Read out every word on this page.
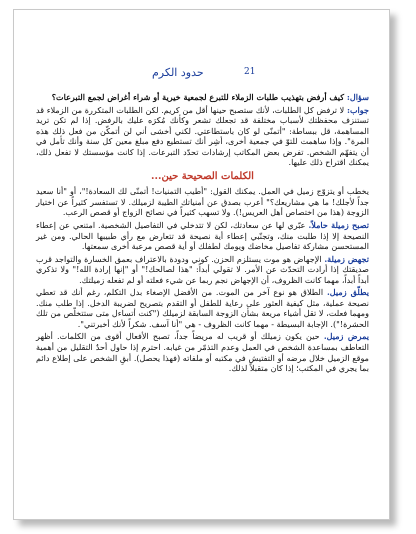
حدود الكرم	21

سؤال: كيف أرفض بتهذيب طلبات الزملاء للتبرع لجمعية خيرية أو شراء أغراض لجمع التبرعات؟

جواب: لا ترفض كل الطلبات، لأنك ستصبح حينها أقل من كريم. لكن الطلبات المتكررة من الزملاء قد تستنزف محفظتك لأسباب مختلفة قد تجعلك تشعر وكأنك مُكرَه عليك بالرفض. إذا لم تكن تريد المساهمة، قل ببساطة: "أتمنّى لو كان باستطاعتي. لكني أخشى أني لن أتمكّن من فعل ذلك هذه المرة". وإذا ساهمت للتوّ في جمعية أخرى، أشِر أنك تستطيع دفع مبلغ معين كل سنة وأنك تأمل في أن يتفهّم الشخص. تفرض بعض المكاتب إرشادات تحدّد التبرعات. إذا كانت مؤسستك لا تفعل ذلك، يمكنك اقتراح ذلك عليها.

الكلمات الصحيحة حين...

يخطب أو يتزوّج زميل في العمل. يمكنك القول: "أطيب التمنيات! أتمنّى لك السعادة!"، أو "أنا سعيد جداً لأجلك! ما هي مشاريعك؟" أعرب بصدق عن أمنياتك الطيبة لزميلك. لا تستفسر كثيراً عن اختيار الزوجة (هذا من اختصاص أهل العريس!). ولا تسهب كثيراً في نصائح الزواج أو قصص الرعب.

تصبح زميلة حاملاً. عبّري لها عن سعادتك، لكن لا تتدخلي في التفاصيل الشخصية. امتنعي عن إعطاء النصيحة إلا إذا طلبت منك، وتجنّبي إعطاء أية نصيحة قد تتعارض مع رأي طبيبها الحالي. ومن غير المستحسن مشاركة تفاصيل مخاضك ويومك لطفلك أو أية قصص مرعبة أخرى سمعتها.

تجهض زميلة. الإجهاض هو موت يستلزم الحزن. كوني ودودة بالاعتراف بعمق الخسارة والتواجد قرب صديقتك إذا أرادت التحدّث عن الأمر. لا تقولي أبداً: "هذا لصالحك!" أو "إنها إرادة الله!" ولا تذكري أبداً أبداً، مهما كانت الظروف، أن الإجهاض نجم ربما عن شيء فعلته أو لم تفعله زميلتك.

يطلّق زميل. الطلاق هو نوع آخر من الموت. من الأفضل الإصغاء بدل التكلم، رغم أنك قد تعطي نصيحة عملية، مثل كيفية العثور على رعاية للطفل أو التقدم بتصريح لضريبة الدخل. إذا طلب منك. ومهما فعلت، لا تقل أشياء مريعة بشأن الزوجة السابقة لزميلك ("كنت أتساءل متى ستتخلّص من تلك الحشرة!"). الإجابة البسيطة - مهما كانت الظروف - هي "أنا آسف. شكراً لأنك أخبرتني".

يمرض زميل. حين يكون زميلك أو قريب له مريضاً جداً، تصبح الأفعال أقوى من الكلمات. أظهر التعاطف بمساعدة الشخص في العمل وعدم التذمّر من غيابه. احترم إذا حاول أحدٌ التقليل من أهمية موقع الزميل خلال مرضه أو التفتيش في مكتبه أو ملفاته (فهذا يحصل). أبقِ الشخص على إطلاع دائم بما يجري في المكتب؛ إذا كان متقبلاً لذلك.
